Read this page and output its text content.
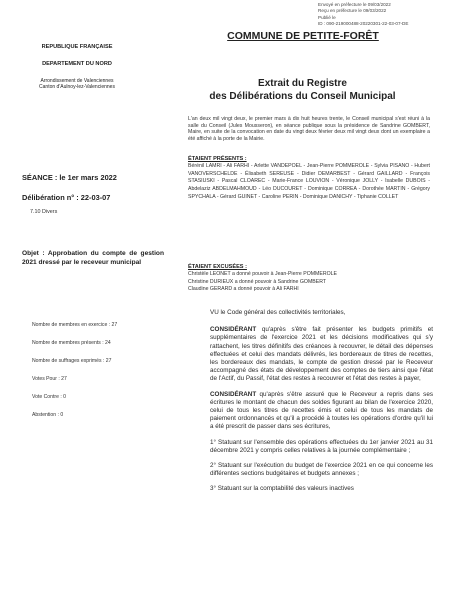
Envoyé en préfecture le 09/03/2022
Reçu en préfecture le 09/03/2022
Publié le
ID : 090-219000488-20220301-22-03-07-DE
REPUBLIQUE FRANÇAISE
DEPARTEMENT DU NORD
Arrondissement de Valenciennes
Canton d'Aulnoy-lez-Valenciennes
COMMUNE DE PETITE-FORÊT
Extrait du Registre
des Délibérations du Conseil Municipal
L'an deux mil vingt deux, le premier mars à dix huit heures trente, le Conseil municipal s'est réuni à la salle du Conseil (Jules Mousseron), en séance publique sous la présidence de Sandrine GOMBERT, Maire, en suite de la convocation en date du vingt deux février deux mil vingt deux dont un exemplaire a été affiché à la porte de la Mairie.
SÉANCE : le 1er mars 2022
Délibération n° : 22-03-07
7.10 Divers
Objet : Approbation du compte de gestion 2021 dressé par le receveur municipal
Nombre de membres en exercice : 27
Nombre de membres présents : 24
Nombre de suffrages exprimés : 27
Votes Pour : 27
Vote Contre : 0
Abstention : 0
ÉTAIENT PRÉSENTS :
Bérénil LAMRI - Ali FARHI - Arlette VANDEPOEL - Jean-Pierre POMMEROLE - Sylvia PISANO - Hubert VANOVERSCHELDE - Élisabeth SEREUSE - Didier DEMARBEST - Gérard GAILLARD - François STASIUSKI - Pascal CLOAREC - Marie-France LOUVION - Véronique JOLLY - Isabelle DUBOIS - Abdelaziz ABDELMAHMOUD - Léo DUCOURET - Dominique CORREA - Dorothée MARTIN - Grégory SPYCHALA - Gérard GUINET - Caroline PERIN - Dominique DANICHY - Tiphanie COLLET
ÉTAIENT EXCUSÉES :
Christèle LEONET a donné pouvoir à Jean-Pierre POMMEROLE
Christine DURIEUX a donné pouvoir à Sandrine GOMBERT
Claudine GERARD a donné pouvoir à Ali FARHI

VU le Code général des collectivités territoriales,

CONSIDÉRANT qu'après s'être fait présenter les budgets primitifs et supplémentaires de l'exercice 2021 et les décisions modificatives qui s'y rattachent, les titres définitifs des créances à recouvrer, le détail des dépenses effectuées et celui des mandats délivrés, les bordereaux de titres de recettes, les bordereaux des mandats, le compte de gestion dressé par le Receveur accompagné des états de développement des comptes de tiers ainsi que l'état de l'Actif, du Passif, l'état des restes à recouvrer et l'état des restes à payer,

CONSIDÉRANT qu'après s'être assuré que le Receveur a repris dans ses écritures le montant de chacun des soldes figurant au bilan de l'exercice 2020, celui de tous les titres de recettes émis et celui de tous les mandats de paiement ordonnancés et qu'il a procédé à toutes les opérations d'ordre qu'il lui a été prescrit de passer dans ses écritures,

1° Statuant sur l'ensemble des opérations effectuées du 1er janvier 2021 au 31 décembre 2021 y compris celles relatives à la journée complémentaire ;

2° Statuant sur l'exécution du budget de l'exercice 2021 en ce qui concerne les différentes sections budgétaires et budgets annexes ;

3° Statuant sur la comptabilité des valeurs inactives
